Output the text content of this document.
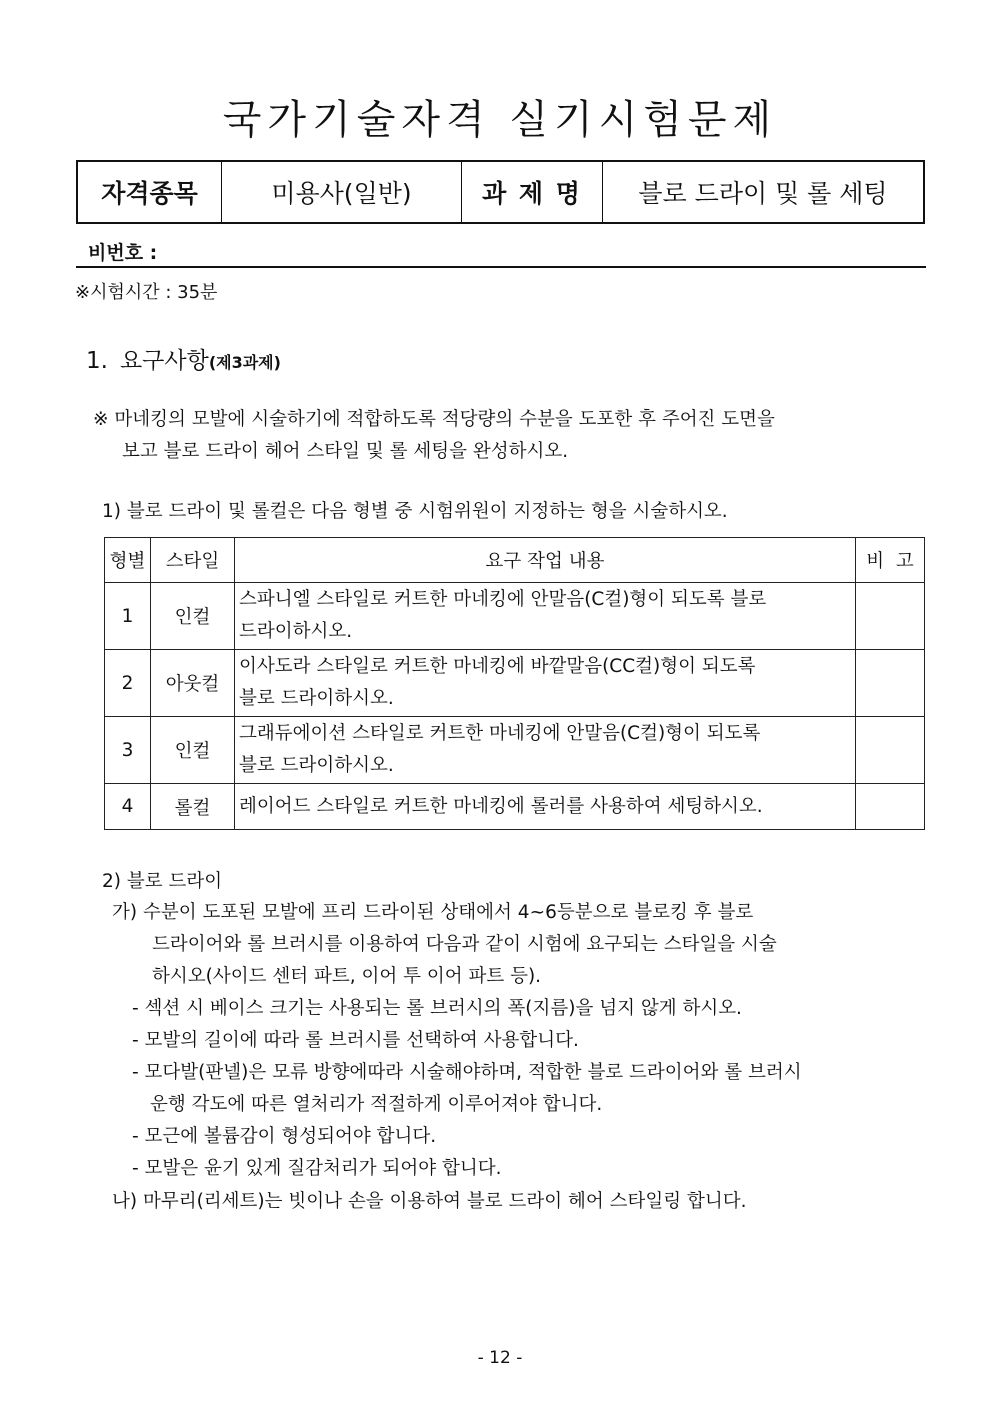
국가기술자격 실기시험문제
자격종목	미용사(일반)	과 제 명	블로 드라이 및 롤 세팅
비번호 :
※시험시간 : 35분
1. 요구사항(제3과제)
※ 마네킹의 모발에 시술하기에 적합하도록 적당량의 수분을 도포한 후 주어진 도면을
보고 블로 드라이 헤어 스타일 및 롤 세팅을 완성하시오.
1) 블로 드라이 및 롤컬은 다음 형별 중 시험위원이 지정하는 형을 시술하시오.
형별	스타일	요구 작업 내용	비  고
1	인컬	스파니엘 스타일로 커트한 마네킹에 안말음(C컬)형이 되도록 블로
드라이하시오.	

2	아웃컬	이사도라 스타일로 커트한 마네킹에 바깥말음(CC컬)형이 되도록
블로 드라이하시오.	

3	인컬	그래듀에이션 스타일로 커트한 마네킹에 안말음(C컬)형이 되도록
블로 드라이하시오.	

4	롤컬	레이어드 스타일로 커트한 마네킹에 롤러를 사용하여 세팅하시오.	

2) 블로 드라이
가) 수분이 도포된 모발에 프리 드라이된 상태에서 4~6등분으로 블로킹 후 블로
드라이어와 롤 브러시를 이용하여 다음과 같이 시험에 요구되는 스타일을 시술
하시오(사이드 센터 파트, 이어 투 이어 파트 등).
- 섹션 시 베이스 크기는 사용되는 롤 브러시의 폭(지름)을 넘지 않게 하시오.
- 모발의 길이에 따라 롤 브러시를 선택하여 사용합니다.
- 모다발(판넬)은 모류 방향에따라 시술해야하며, 적합한 블로 드라이어와 롤 브러시
운행 각도에 따른 열처리가 적절하게 이루어져야 합니다.
- 모근에 볼륨감이 형성되어야 합니다.
- 모발은 윤기 있게 질감처리가 되어야 합니다.
나) 마무리(리세트)는 빗이나 손을 이용하여 블로 드라이 헤어 스타일링 합니다.
- 12 -
